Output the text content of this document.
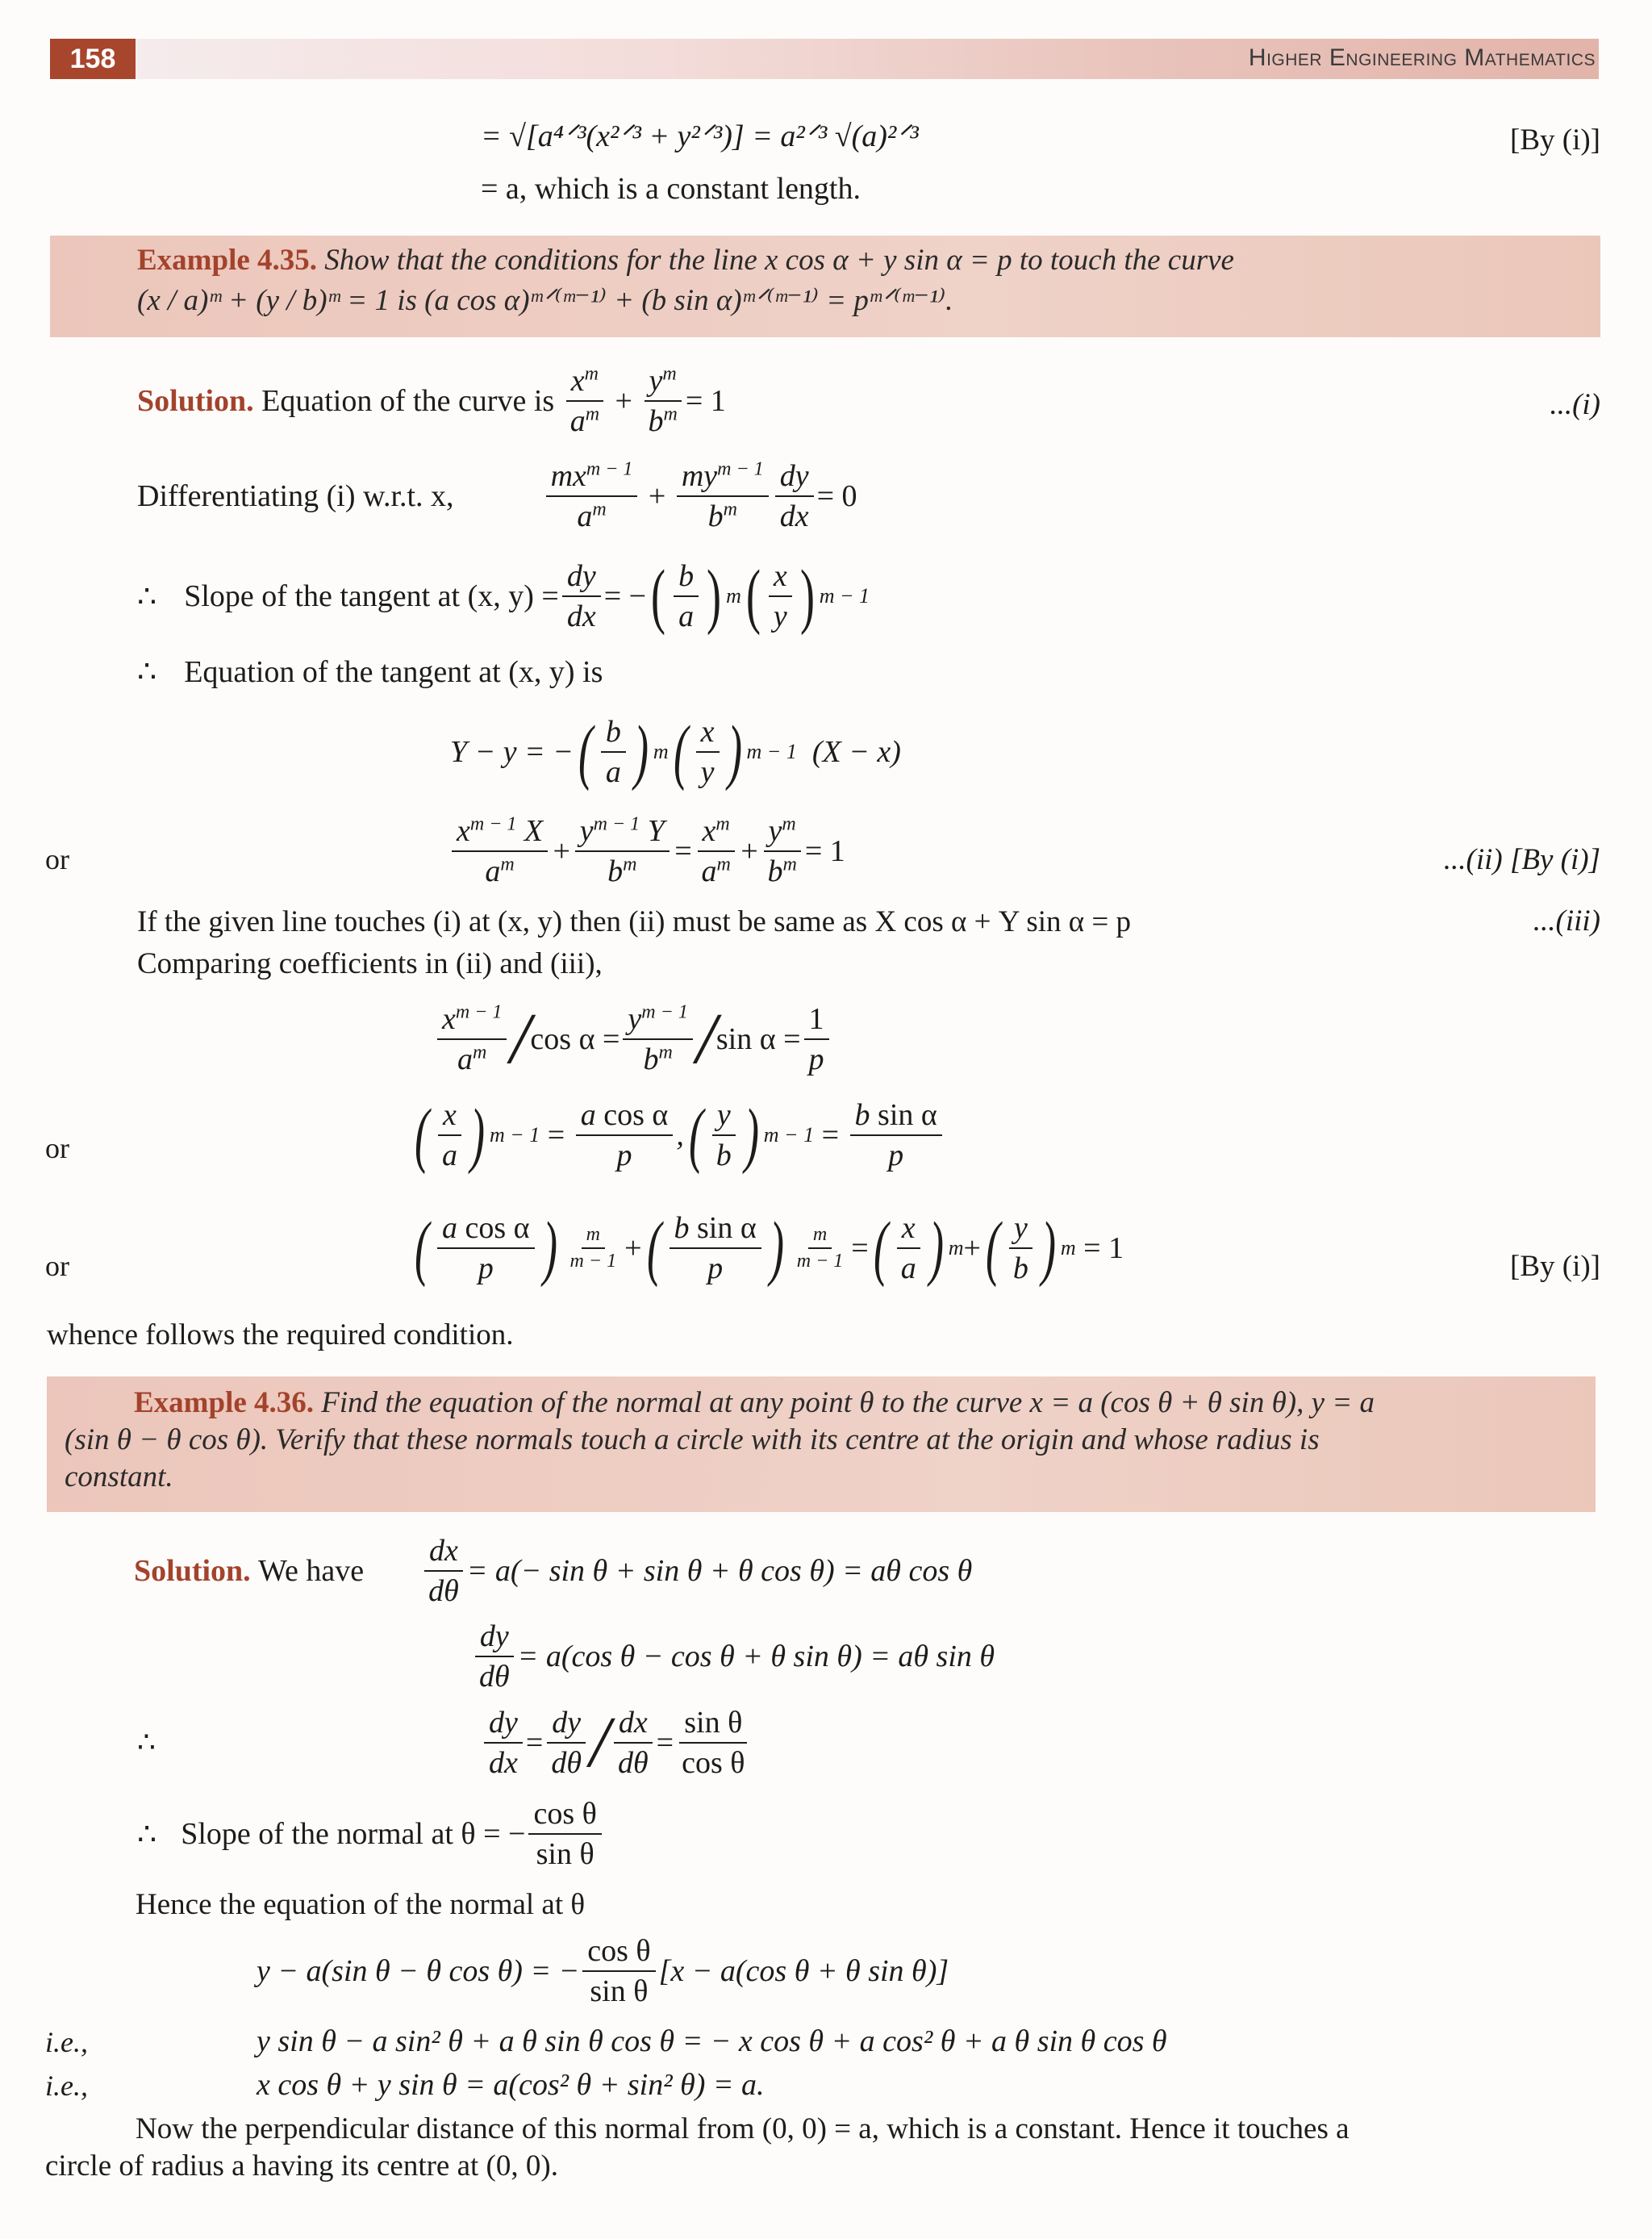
158	Higher Engineering Mathematics
= √[a⁴ᐟ³(x²ᐟ³ + y²ᐟ³)] = a²ᐟ³ √(a)²ᐟ³	[By (i)]
= a, which is a constant length.
Example 4.35. Show that the conditions for the line x cos α + y sin α = p to touch the curve
(x / a)ᵐ + (y / b)ᵐ = 1 is (a cos α)ᵐᐟ⁽ᵐ⁻¹⁾ + (b sin α)ᵐᐟ⁽ᵐ⁻¹⁾ = pᵐᐟ⁽ᵐ⁻¹⁾.
Solution.
Equation of the curve is
$\frac{x^m}{a^m} + \frac{y^m}{b^m} = 1$	...(i)
Differentiating (i) w.r.t. x,	$\frac{mx^{m - 1}}{a^m} + \frac{my^{m - 1}}{b^m} \frac{dy}{dx} = 0$
∴ Slope of the tangent at (x, $y) = \frac{dy}{dx}$ = − ( $\frac{b}{a}$ ) m ( $\frac{x}{y}$ ) m − 1
∴ Equation of the tangent at (x, y) is
Y − y = − ( $\frac{b}{a}$ ) m ( $\frac{x}{y}$ ) m − 1 (X − x)
or	$\frac{x^{m - 1} X}{a^m} + \frac{y^{m - 1} Y}{b^m} = \frac{x^m}{a^m} + \frac{y^m}{b^m} = 1$	...(ii) [By (i)]
If the given line touches (i) at (x, y) then (ii) must be same as X cos α + Y sin α = p	...(iii)
Comparing coefficients in (ii) and (iii),
$\frac{x^{m - 1}}{a^m} / \cos \alpha = \frac{y^{m - 1}}{b^m} / \sin \alpha = \frac{1}{p}$
or	( $\frac{x}{a}$ ) $m - 1 = \frac{\text{a cos α}}{p}$ , ( $\frac{y}{b}$ ) $m - 1 = \frac{\text{b sin α}}{p}$
or	( $\frac{\text{a cos α}}{p}$ ) $\frac{m}{m - 1}$ + ( $\frac{\text{b sin α}}{p}$ ) $\frac{m}{m - 1}$ = ( $\frac{x}{a}$ ) m + ( $\frac{y}{b}$ ) m = 1
[By (i)]
whence follows the required condition.
Example 4.36. Find the equation of the normal at any point θ to the curve x = a (cos θ + θ sin θ), y = a
(sin θ − θ cos θ). Verify that these normals touch a circle with its centre at the origin and whose radius is
constant.
Solution.
We have $\frac{dx}{d\theta} = a(- \sin \theta + \sin \theta + \theta$ cos θ) = aθ cos θ
$\frac{dy}{d\theta} = a(\cos$ θ − cos θ + θ sin θ) = aθ sin θ
∴	$\frac{dy}{dx} = \frac{dy}{d\theta} / \frac{dx}{d\theta} = \frac{\text{sin θ}}{\text{cos θ}}$
∴ Slope of the normal at θ = − $\frac{\text{cos θ}}{\text{sin θ}}$
Hence the equation of the normal at θ
y − a(sin θ − θ cos θ) = − $\frac{\text{cos θ}}{\text{sin θ}} [x - a(\cos$ θ + θ sin θ)]
i.e.,	y sin θ − a sin² θ + a θ sin θ cos θ = − x cos θ + a cos² θ + a θ sin θ cos θ
i.e.,	x cos θ + y sin θ = a(cos² θ + sin² θ) = a.
Now the perpendicular distance of this normal from (0, 0) = a, which is a constant. Hence it touches a
circle of radius a having its centre at (0, 0).
